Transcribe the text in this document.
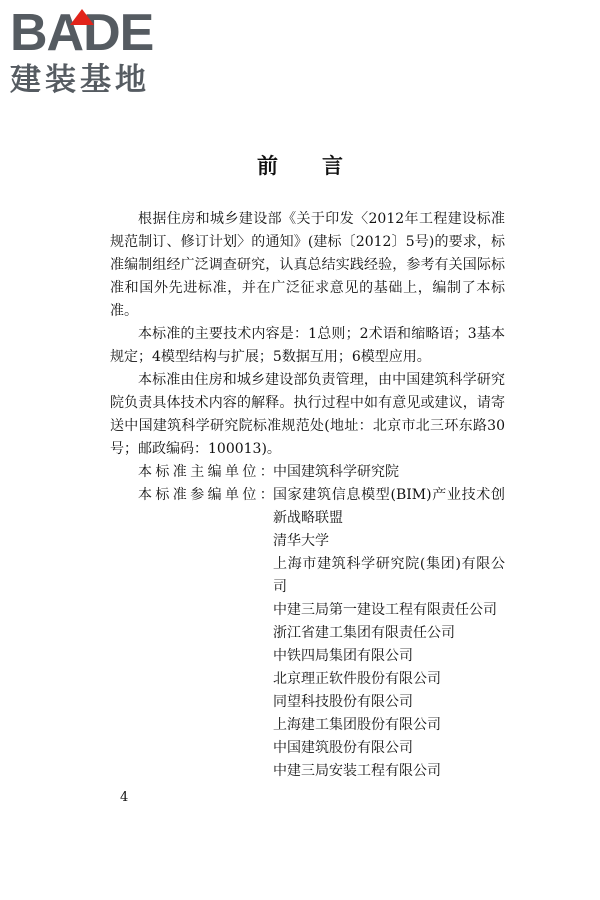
BADE
建装基地
前言

根据住房和城乡建设部《关于印发〈2012年工程建设标准规范制订、修订计划〉的通知》(建标〔2012〕5号)的要求，标准编制组经广泛调查研究，认真总结实践经验，参考有关国际标准和国外先进标准，并在广泛征求意见的基础上，编制了本标准。

本标准的主要技术内容是：1总则；2术语和缩略语；3基本规定；4模型结构与扩展；5数据互用；6模型应用。

本标准由住房和城乡建设部负责管理，由中国建筑科学研究院负责具体技术内容的解释。执行过程中如有意见或建议，请寄送中国建筑科学研究院标准规范处(地址：北京市北三环东路30号；邮政编码：100013)。

本标准主编单位：
中国建筑科学研究院
本标准参编单位：
国家建筑信息模型(BIM)产业技术创新战略联盟
清华大学
上海市建筑科学研究院(集团)有限公司
中建三局第一建设工程有限责任公司
浙江省建工集团有限责任公司
中铁四局集团有限公司
北京理正软件股份有限公司
同望科技股份有限公司
上海建工集团股份有限公司
中国建筑股份有限公司
中建三局安装工程有限公司
4
